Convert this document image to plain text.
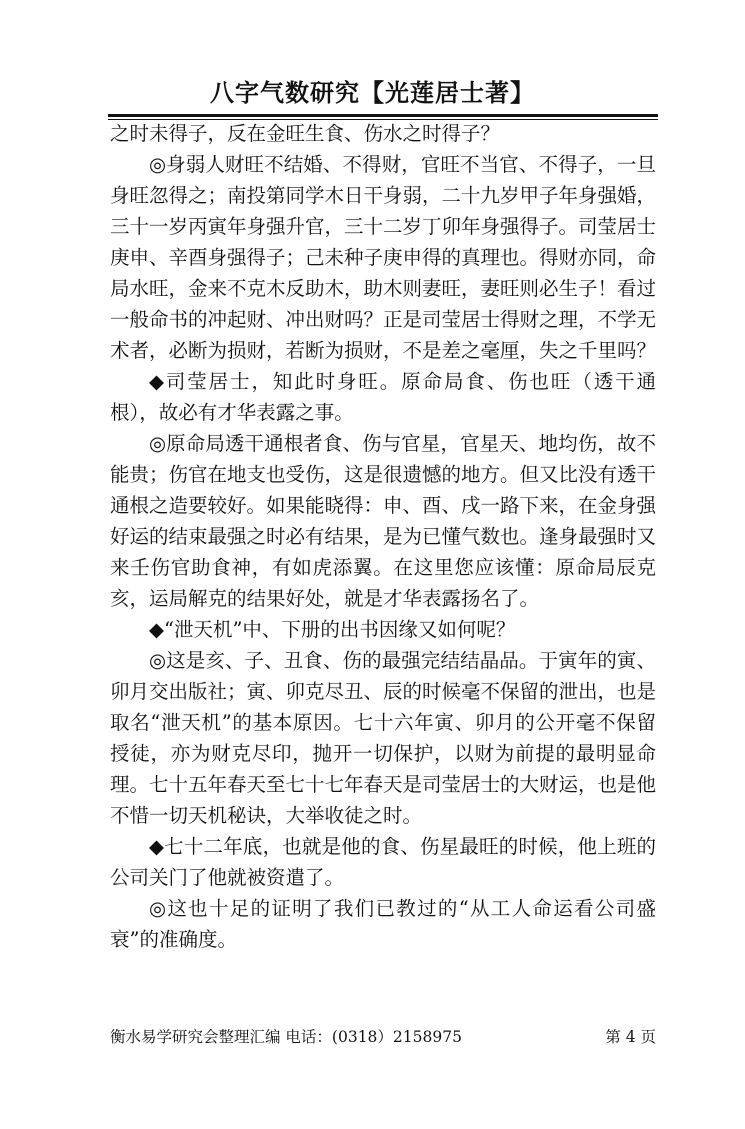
八字气数研究【光莲居士著】

之时未得子，反在金旺生食、伤水之时得子？

◎身弱人财旺不结婚、不得财，官旺不当官、不得子，一旦身旺忽得之；南投第同学木日干身弱，二十九岁甲子年身强婚，三十一岁丙寅年身强升官，三十二岁丁卯年身强得子。司莹居士庚申、辛酉身强得子；己未种子庚申得的真理也。得财亦同，命局水旺，金来不克木反助木，助木则妻旺，妻旺则必生子！看过一般命书的冲起财、冲出财吗？正是司莹居士得财之理，不学无术者，必断为损财，若断为损财，不是差之毫厘，失之千里吗？

◆司莹居士，知此时身旺。原命局食、伤也旺（透干通根），故必有才华表露之事。

◎原命局透干通根者食、伤与官星，官星天、地均伤，故不能贵；伤官在地支也受伤，这是很遗憾的地方。但又比没有透干通根之造要较好。如果能晓得：申、酉、戌一路下来，在金身强好运的结束最强之时必有结果，是为已懂气数也。逢身最强时又来壬伤官助食神，有如虎添翼。在这里您应该懂：原命局辰克亥，运局解克的结果好处，就是才华表露扬名了。

◆“泄天机”中、下册的出书因缘又如何呢？

◎这是亥、子、丑食、伤的最强完结结晶品。于寅年的寅、卯月交出版社；寅、卯克尽丑、辰的时候毫不保留的泄出，也是取名“泄天机”的基本原因。七十六年寅、卯月的公开毫不保留授徒，亦为财克尽印，抛开一切保护，以财为前提的最明显命理。七十五年春天至七十七年春天是司莹居士的大财运，也是他不惜一切天机秘诀，大举收徒之时。

◆七十二年底，也就是他的食、伤星最旺的时候，他上班的公司关门了他就被资遣了。

◎这也十足的证明了我们已教过的“从工人命运看公司盛衰”的准确度。

衡水易学研究会整理汇编 电话：(0318）2158975	第 4 页
